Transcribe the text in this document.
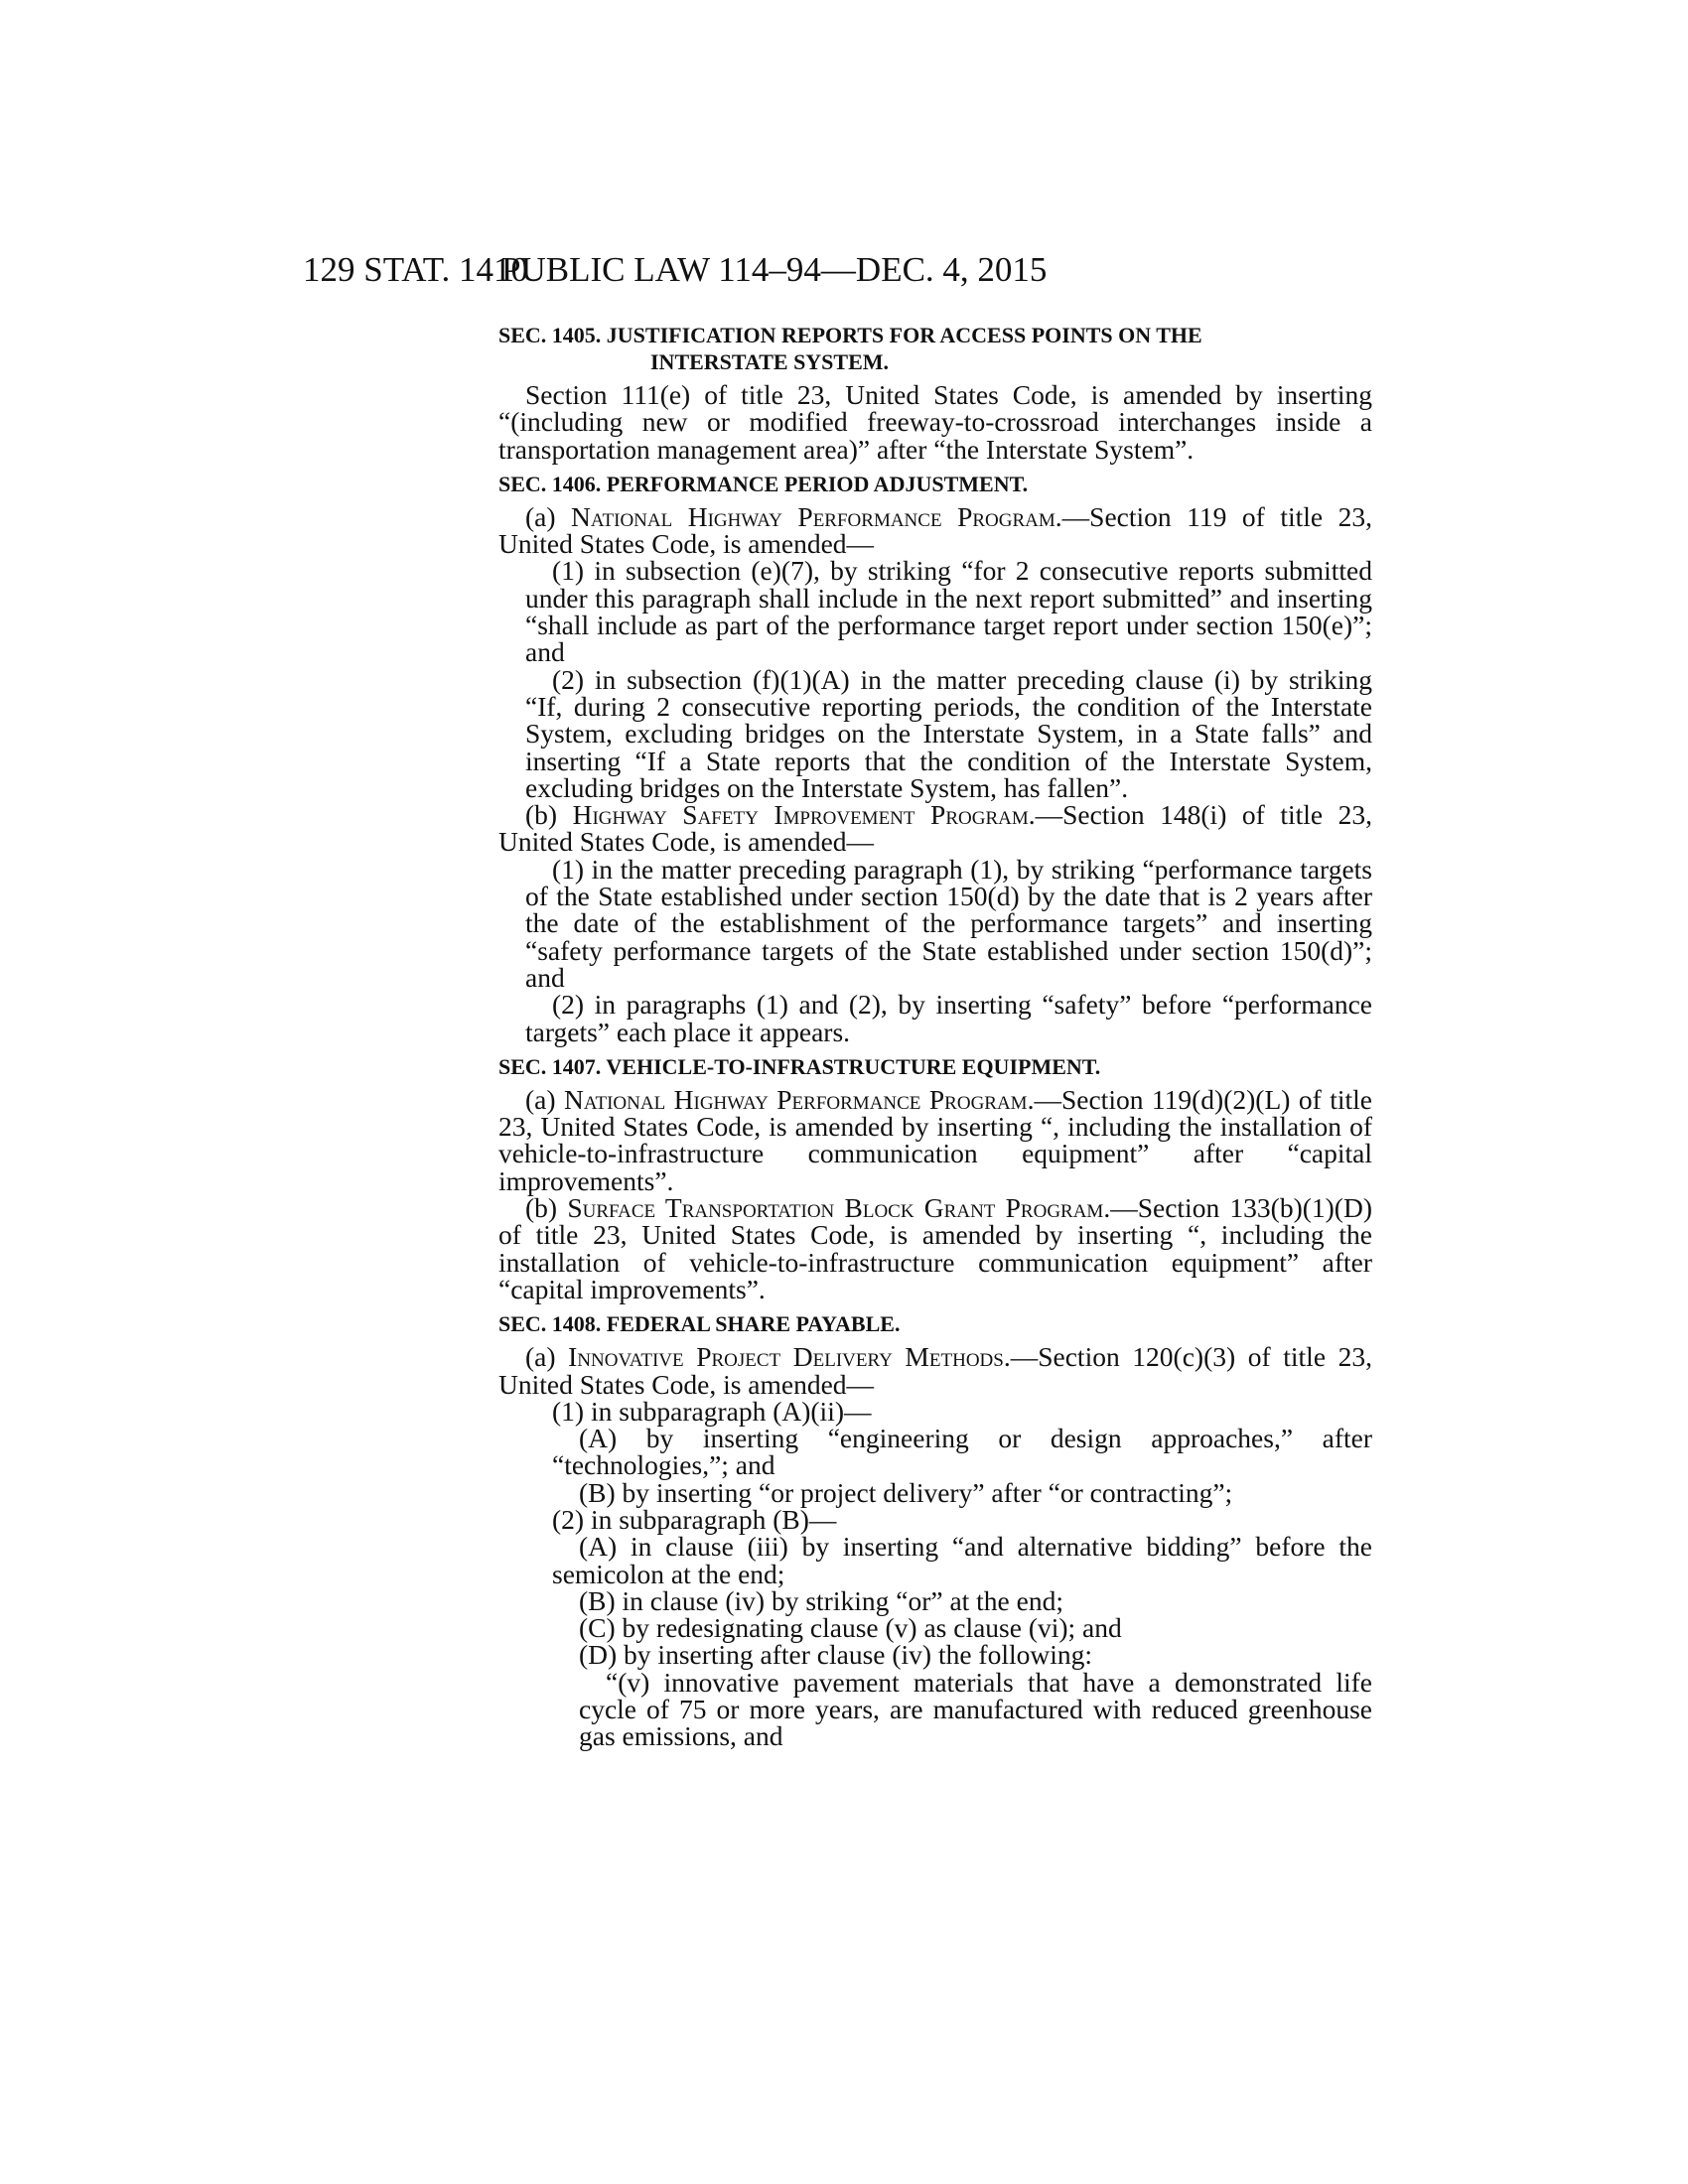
129 STAT. 1410
PUBLIC LAW 114–94—DEC. 4, 2015
SEC. 1405. JUSTIFICATION REPORTS FOR ACCESS POINTS ON THE
INTERSTATE SYSTEM.

Section 111(e) of title 23, United States Code, is amended by inserting “(including new or modified freeway-to-crossroad interchanges inside a transportation management area)” after “the Interstate System”.

SEC. 1406. PERFORMANCE PERIOD ADJUSTMENT.

(a) National Highway Performance Program.—Section 119 of title 23, United States Code, is amended—

(1) in subsection (e)(7), by striking “for 2 consecutive reports submitted under this paragraph shall include in the next report submitted” and inserting “shall include as part of the performance target report under section 150(e)”; and

(2) in subsection (f)(1)(A) in the matter preceding clause (i) by striking “If, during 2 consecutive reporting periods, the condition of the Interstate System, excluding bridges on the Interstate System, in a State falls” and inserting “If a State reports that the condition of the Interstate System, excluding bridges on the Interstate System, has fallen”.

(b) Highway Safety Improvement Program.—Section 148(i) of title 23, United States Code, is amended—

(1) in the matter preceding paragraph (1), by striking “performance targets of the State established under section 150(d) by the date that is 2 years after the date of the establishment of the performance targets” and inserting “safety performance targets of the State established under section 150(d)”; and

(2) in paragraphs (1) and (2), by inserting “safety” before “performance targets” each place it appears.

SEC. 1407. VEHICLE-TO-INFRASTRUCTURE EQUIPMENT.

(a) National Highway Performance Program.—Section 119(d)(2)(L) of title 23, United States Code, is amended by inserting “, including the installation of vehicle-to-infrastructure communication equipment” after “capital improvements”.

(b) Surface Transportation Block Grant Program.—Section 133(b)(1)(D) of title 23, United States Code, is amended by inserting “, including the installation of vehicle-to-infrastructure communication equipment” after “capital improvements”.

SEC. 1408. FEDERAL SHARE PAYABLE.

(a) Innovative Project Delivery Methods.—Section 120(c)(3) of title 23, United States Code, is amended—

(1) in subparagraph (A)(ii)—

(A) by inserting “engineering or design approaches,” after “technologies,”; and

(B) by inserting “or project delivery” after “or contracting”;

(2) in subparagraph (B)—

(A) in clause (iii) by inserting “and alternative bidding” before the semicolon at the end;

(B) in clause (iv) by striking “or” at the end;

(C) by redesignating clause (v) as clause (vi); and

(D) by inserting after clause (iv) the following:

“(v) innovative pavement materials that have a demonstrated life cycle of 75 or more years, are manufactured with reduced greenhouse gas emissions, and
